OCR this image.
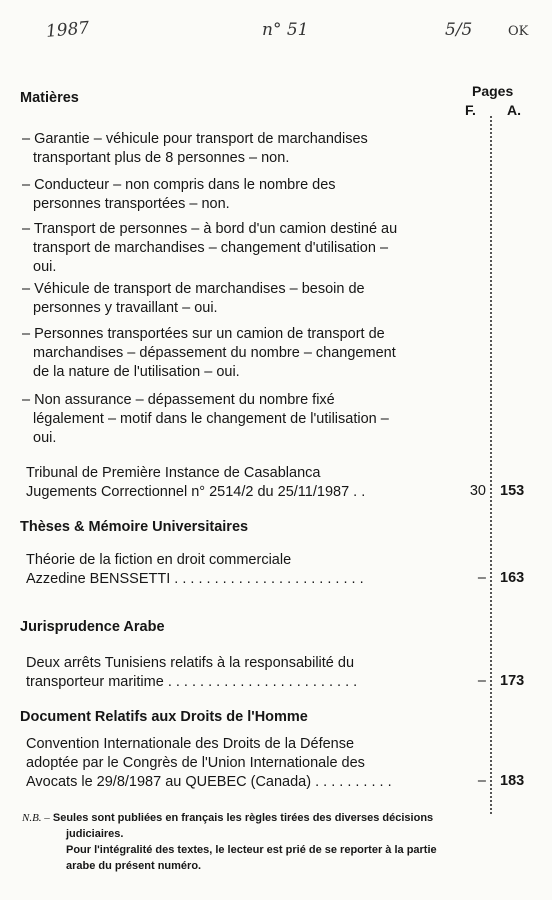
1987	n° 51	5/5	OK
Pages
F. A.
Matières
– Garantie – véhicule pour transport de marchandises
transportant plus de 8 personnes – non.
– Conducteur – non compris dans le nombre des
personnes transportées – non.
– Transport de personnes – à bord d'un camion destiné au
transport de marchandises – changement d'utilisation –
oui.
– Véhicule de transport de marchandises – besoin de
personnes y travaillant – oui.
– Personnes transportées sur un camion de transport de
marchandises – dépassement du nombre – changement
de la nature de l'utilisation – oui.
– Non assurance – dépassement du nombre fixé
légalement – motif dans le changement de l'utilisation –
oui.
Tribunal de Première Instance de Casablanca
Jugements Correctionnel n° 2514/2 du 25/11/1987 . .	30 153
Thèses & Mémoire Universitaires
Théorie de la fiction en droit commerciale
Azzedine BENSSETTI . . . . . . . . . . . . . . . . . . . . . . . .	– 163
Jurisprudence Arabe
Deux arrêts Tunisiens relatifs à la responsabilité du
transporteur maritime . . . . . . . . . . . . . . . . . . . . . . . .	– 173
Document Relatifs aux Droits de l'Homme
Convention Internationale des Droits de la Défense
adoptée par le Congrès de l'Union Internationale des
Avocats le 29/8/1987 au QUEBEC (Canada) . . . . . . . . . .	– 183
N.B. – Seules sont publiées en français les règles tirées des diverses décisions
judiciaires.
Pour l'intégralité des textes, le lecteur est prié de se reporter à la partie
arabe du présent numéro.
